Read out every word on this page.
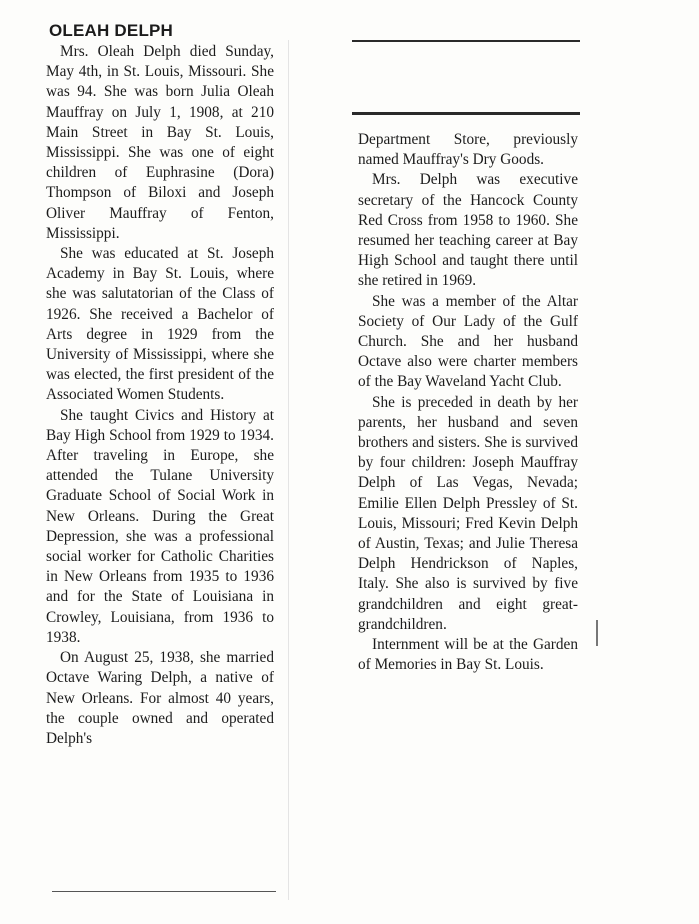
OLEAH DELPH

Mrs. Oleah Delph died Sunday, May 4th, in St. Louis, Missouri. She was 94. She was born Julia Oleah Mauffray on July 1, 1908, at 210 Main Street in Bay St. Louis, Mississippi. She was one of eight children of Euphrasine (Dora) Thompson of Biloxi and Joseph Oliver Mauffray of Fenton, Mississippi.

She was educated at St. Joseph Academy in Bay St. Louis, where she was salutatorian of the Class of 1926. She received a Bachelor of Arts degree in 1929 from the University of Mississippi, where she was elected, the first president of the Associated Women Students.

She taught Civics and History at Bay High School from 1929 to 1934. After traveling in Europe, she attended the Tulane University Graduate School of Social Work in New Orleans. During the Great Depression, she was a professional social worker for Catholic Charities in New Orleans from 1935 to 1936 and for the State of Louisiana in Crowley, Louisiana, from 1936 to 1938.

On August 25, 1938, she married Octave Waring Delph, a native of New Orleans. For almost 40 years, the couple owned and operated Delph's

Department Store, previously named Mauffray's Dry Goods.

Mrs. Delph was executive secretary of the Hancock County Red Cross from 1958 to 1960. She resumed her teaching career at Bay High School and taught there until she retired in 1969.

She was a member of the Altar Society of Our Lady of the Gulf Church. She and her husband Octave also were charter members of the Bay Waveland Yacht Club.

She is preceded in death by her parents, her husband and seven brothers and sisters. She is survived by four children: Joseph Mauffray Delph of Las Vegas, Nevada; Emilie Ellen Delph Pressley of St. Louis, Missouri; Fred Kevin Delph of Austin, Texas; and Julie Theresa Delph Hendrickson of Naples, Italy. She also is survived by five grandchildren and eight great-grandchildren.

Internment will be at the Garden of Memories in Bay St. Louis.
